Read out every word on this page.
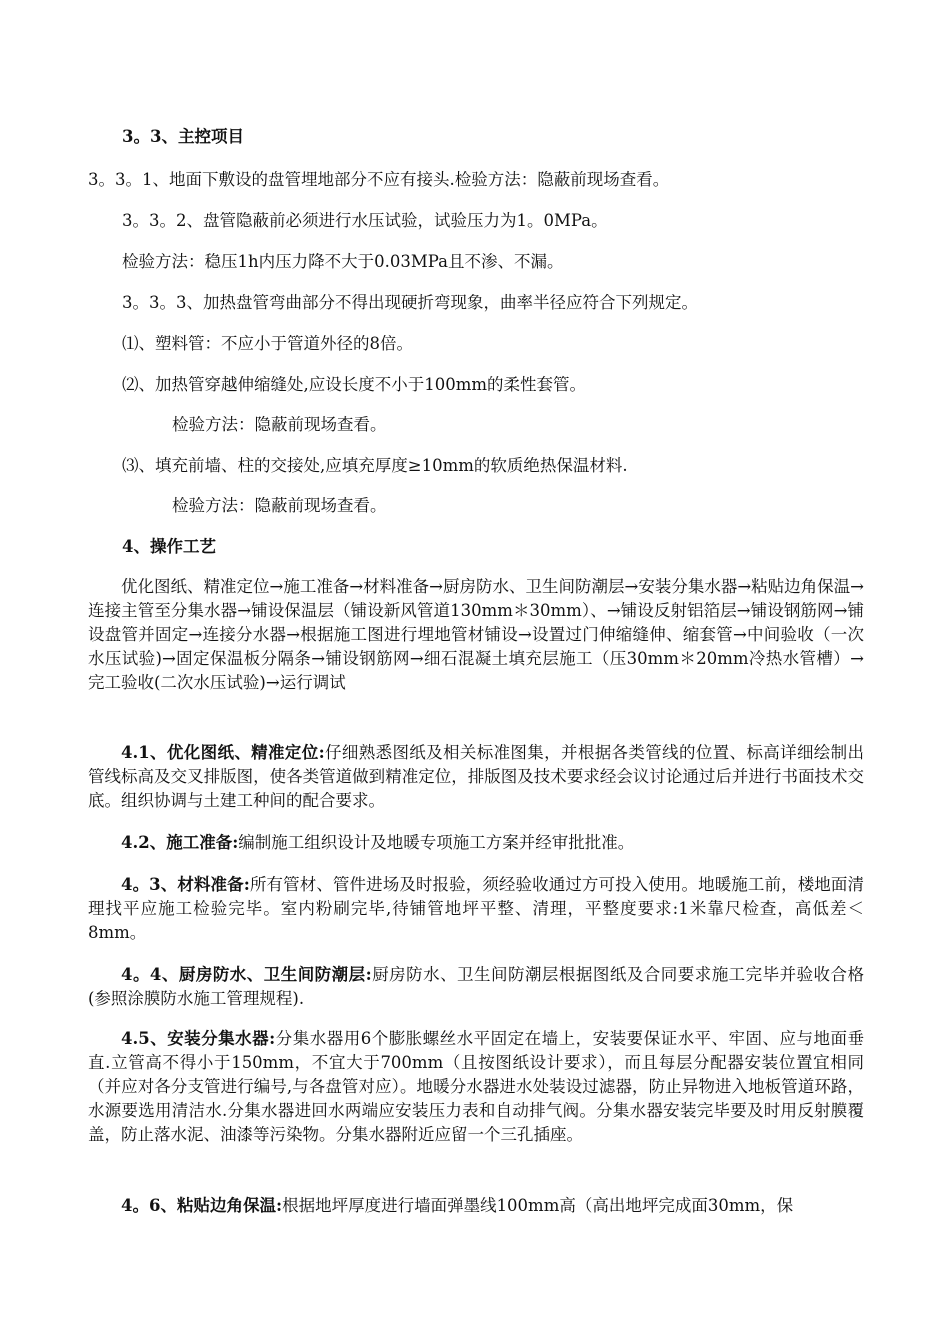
3。3、主控项目
3。3。1、地面下敷设的盘管埋地部分不应有接头.检验方法：隐蔽前现场查看。
3。3。2、盘管隐蔽前必须进行水压试验，试验压力为1。0MPa。
检验方法：稳压1h内压力降不大于0.03MPa且不渗、不漏。
3。3。3、加热盘管弯曲部分不得出现硬折弯现象，曲率半径应符合下列规定。
⑴、塑料管：不应小于管道外径的8倍。
⑵、加热管穿越伸缩缝处,应设长度不小于100mm的柔性套管。
检验方法：隐蔽前现场查看。
⑶、填充前墙、柱的交接处,应填充厚度≥10mm的软质绝热保温材料.
检验方法：隐蔽前现场查看。
4、操作工艺
优化图纸、精准定位→施工准备→材料准备→厨房防水、卫生间防潮层→安装分集水器→粘贴边角保温→连接主管至分集水器→铺设保温层（铺设新风管道130mm＊30mm）、→铺设反射铝箔层→铺设钢筋网→铺设盘管并固定→连接分水器→根据施工图进行埋地管材铺设→设置过门伸缩缝伸、缩套管→中间验收（一次水压试验)→固定保温板分隔条→铺设钢筋网→细石混凝土填充层施工（压30mm＊20mm冷热水管槽）→完工验收(二次水压试验)→运行调试
4.1、优化图纸、精准定位:仔细熟悉图纸及相关标准图集，并根据各类管线的位置、标高详细绘制出管线标高及交叉排版图，使各类管道做到精准定位，排版图及技术要求经会议讨论通过后并进行书面技术交底。组织协调与土建工种间的配合要求。
4.2、施工准备:编制施工组织设计及地暖专项施工方案并经审批批准。
4。3、材料准备:所有管材、管件进场及时报验，须经验收通过方可投入使用。地暖施工前，楼地面清理找平应施工检验完毕。室内粉刷完毕,待铺管地坪平整、清理，平整度要求:1米靠尺检查，高低差＜8mm。
4。4、厨房防水、卫生间防潮层:厨房防水、卫生间防潮层根据图纸及合同要求施工完毕并验收合格(参照涂膜防水施工管理规程).
4.5、安装分集水器:分集水器用6个膨胀螺丝水平固定在墙上，安装要保证水平、牢固、应与地面垂直.立管高不得小于150mm，不宜大于700mm（且按图纸设计要求），而且每层分配器安装位置宜相同（并应对各分支管进行编号,与各盘管对应）。地暖分水器进水处装设过滤器，防止异物进入地板管道环路，水源要选用清洁水.分集水器进回水两端应安装压力表和自动排气阀。分集水器安装完毕要及时用反射膜覆盖，防止落水泥、油漆等污染物。分集水器附近应留一个三孔插座。
4。6、粘贴边角保温:根据地坪厚度进行墙面弹墨线100mm高（高出地坪完成面30mm，保
